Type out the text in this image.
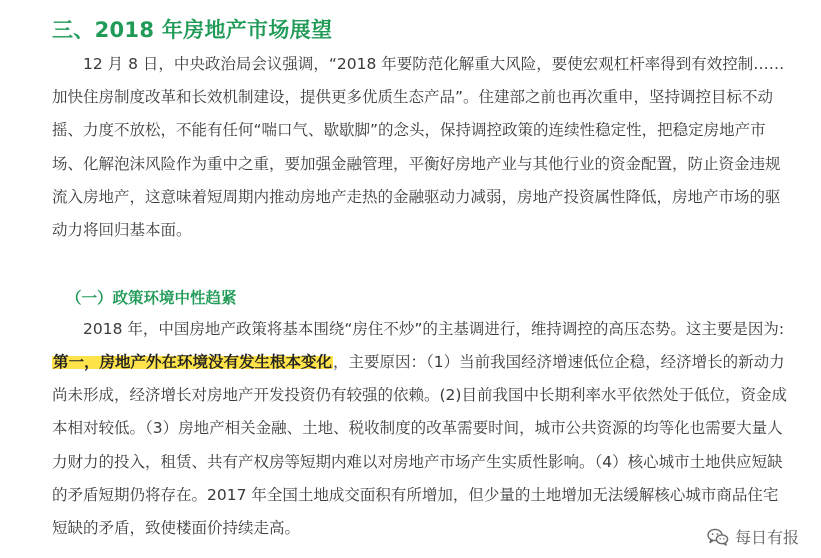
三、2018 年房地产市场展望
12 月 8 日，中央政治局会议强调，“2018 年要防范化解重大风险，要使宏观杠杆率得到有效控制……加快住房制度改革和长效机制建设，提供更多优质生态产品”。住建部之前也再次重申，坚持调控目标不动摇、力度不放松，不能有任何“喘口气、歇歇脚”的念头，保持调控政策的连续性稳定性，把稳定房地产市场、化解泡沫风险作为重中之重，要加强金融管理，平衡好房地产业与其他行业的资金配置，防止资金违规流入房地产，这意味着短周期内推动房地产走热的金融驱动力减弱，房地产投资属性降低，房地产市场的驱动力将回归基本面。
（一）政策环境中性趋紧
2018 年，中国房地产政策将基本围绕“房住不炒”的主基调进行，维持调控的高压态势。这主要是因为:
第一，房地产外在环境没有发生根本变化，主要原因：（1）当前我国经济增速低位企稳，经济增长的新动力尚未形成，经济增长对房地产开发投资仍有较强的依赖。(2)目前我国中长期利率水平依然处于低位，资金成本相对较低。（3）房地产相关金融、土地、税收制度的改革需要时间，城市公共资源的均等化也需要大量人力财力的投入，租赁、共有产权房等短期内难以对房地产市场产生实质性影响。（4）核心城市土地供应短缺的矛盾短期仍将存在。2017 年全国土地成交面积有所增加，但少量的土地增加无法缓解核心城市商品住宅短缺的矛盾，致使楼面价持续走高。	每日有报
